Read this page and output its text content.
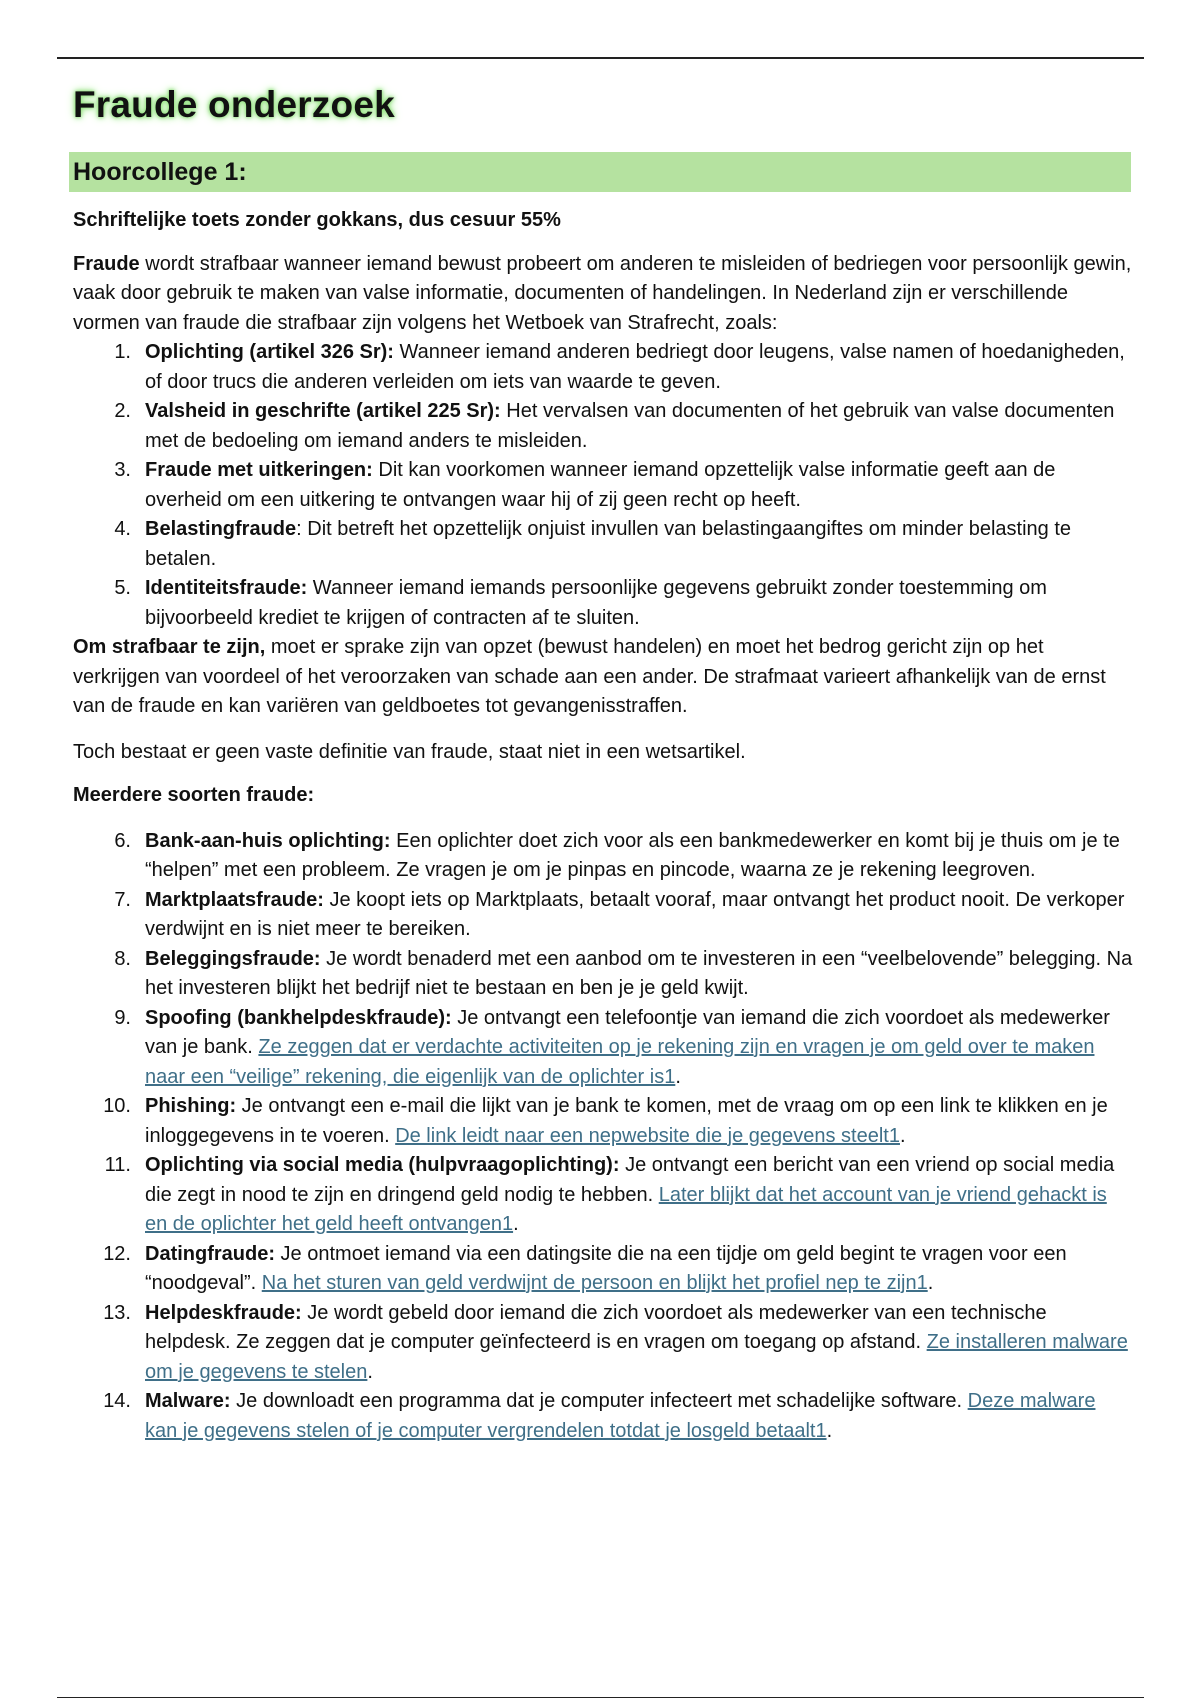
Fraude onderzoek
Hoorcollege 1:

Schriftelijke toets zonder gokkans, dus cesuur 55%

Fraude wordt strafbaar wanneer iemand bewust probeert om anderen te misleiden of bedriegen voor persoonlijk gewin, vaak door gebruik te maken van valse informatie, documenten of handelingen. In Nederland zijn er verschillende vormen van fraude die strafbaar zijn volgens het Wetboek van Strafrecht, zoals:

1. Oplichting (artikel 326 Sr): Wanneer iemand anderen bedriegt door leugens, valse namen of hoedanigheden, of door trucs die anderen verleiden om iets van waarde te geven.
2. Valsheid in geschrifte (artikel 225 Sr): Het vervalsen van documenten of het gebruik van valse documenten met de bedoeling om iemand anders te misleiden.
3. Fraude met uitkeringen: Dit kan voorkomen wanneer iemand opzettelijk valse informatie geeft aan de overheid om een uitkering te ontvangen waar hij of zij geen recht op heeft.
4. Belastingfraude: Dit betreft het opzettelijk onjuist invullen van belastingaangiftes om minder belasting te betalen.
5. Identiteitsfraude: Wanneer iemand iemands persoonlijke gegevens gebruikt zonder toestemming om bijvoorbeeld krediet te krijgen of contracten af te sluiten.

Om strafbaar te zijn, moet er sprake zijn van opzet (bewust handelen) en moet het bedrog gericht zijn op het verkrijgen van voordeel of het veroorzaken van schade aan een ander. De strafmaat varieert afhankelijk van de ernst van de fraude en kan variëren van geldboetes tot gevangenisstraffen.

Toch bestaat er geen vaste definitie van fraude, staat niet in een wetsartikel.

Meerdere soorten fraude:

6. Bank-aan-huis oplichting: Een oplichter doet zich voor als een bankmedewerker en komt bij je thuis om je te “helpen” met een probleem. Ze vragen je om je pinpas en pincode, waarna ze je rekening leegroven.
7. Marktplaatsfraude: Je koopt iets op Marktplaats, betaalt vooraf, maar ontvangt het product nooit. De verkoper verdwijnt en is niet meer te bereiken.
8. Beleggingsfraude: Je wordt benaderd met een aanbod om te investeren in een “veelbelovende” belegging. Na het investeren blijkt het bedrijf niet te bestaan en ben je je geld kwijt.
9. Spoofing (bankhelpdeskfraude): Je ontvangt een telefoontje van iemand die zich voordoet als medewerker van je bank. Ze zeggen dat er verdachte activiteiten op je rekening zijn en vragen je om geld over te maken naar een “veilige” rekening, die eigenlijk van de oplichter is1.
10. Phishing: Je ontvangt een e-mail die lijkt van je bank te komen, met de vraag om op een link te klikken en je inloggegevens in te voeren. De link leidt naar een nepwebsite die je gegevens steelt1.
11. Oplichting via social media (hulpvraagoplichting): Je ontvangt een bericht van een vriend op social media die zegt in nood te zijn en dringend geld nodig te hebben. Later blijkt dat het account van je vriend gehackt is en de oplichter het geld heeft ontvangen1.
12. Datingfraude: Je ontmoet iemand via een datingsite die na een tijdje om geld begint te vragen voor een “noodgeval”. Na het sturen van geld verdwijnt de persoon en blijkt het profiel nep te zijn1.
13. Helpdeskfraude: Je wordt gebeld door iemand die zich voordoet als medewerker van een technische helpdesk. Ze zeggen dat je computer geïnfecteerd is en vragen om toegang op afstand. Ze installeren malware om je gegevens te stelen.
14. Malware: Je downloadt een programma dat je computer infecteert met schadelijke software. Deze malware kan je gegevens stelen of je computer vergrendelen totdat je losgeld betaalt1.
